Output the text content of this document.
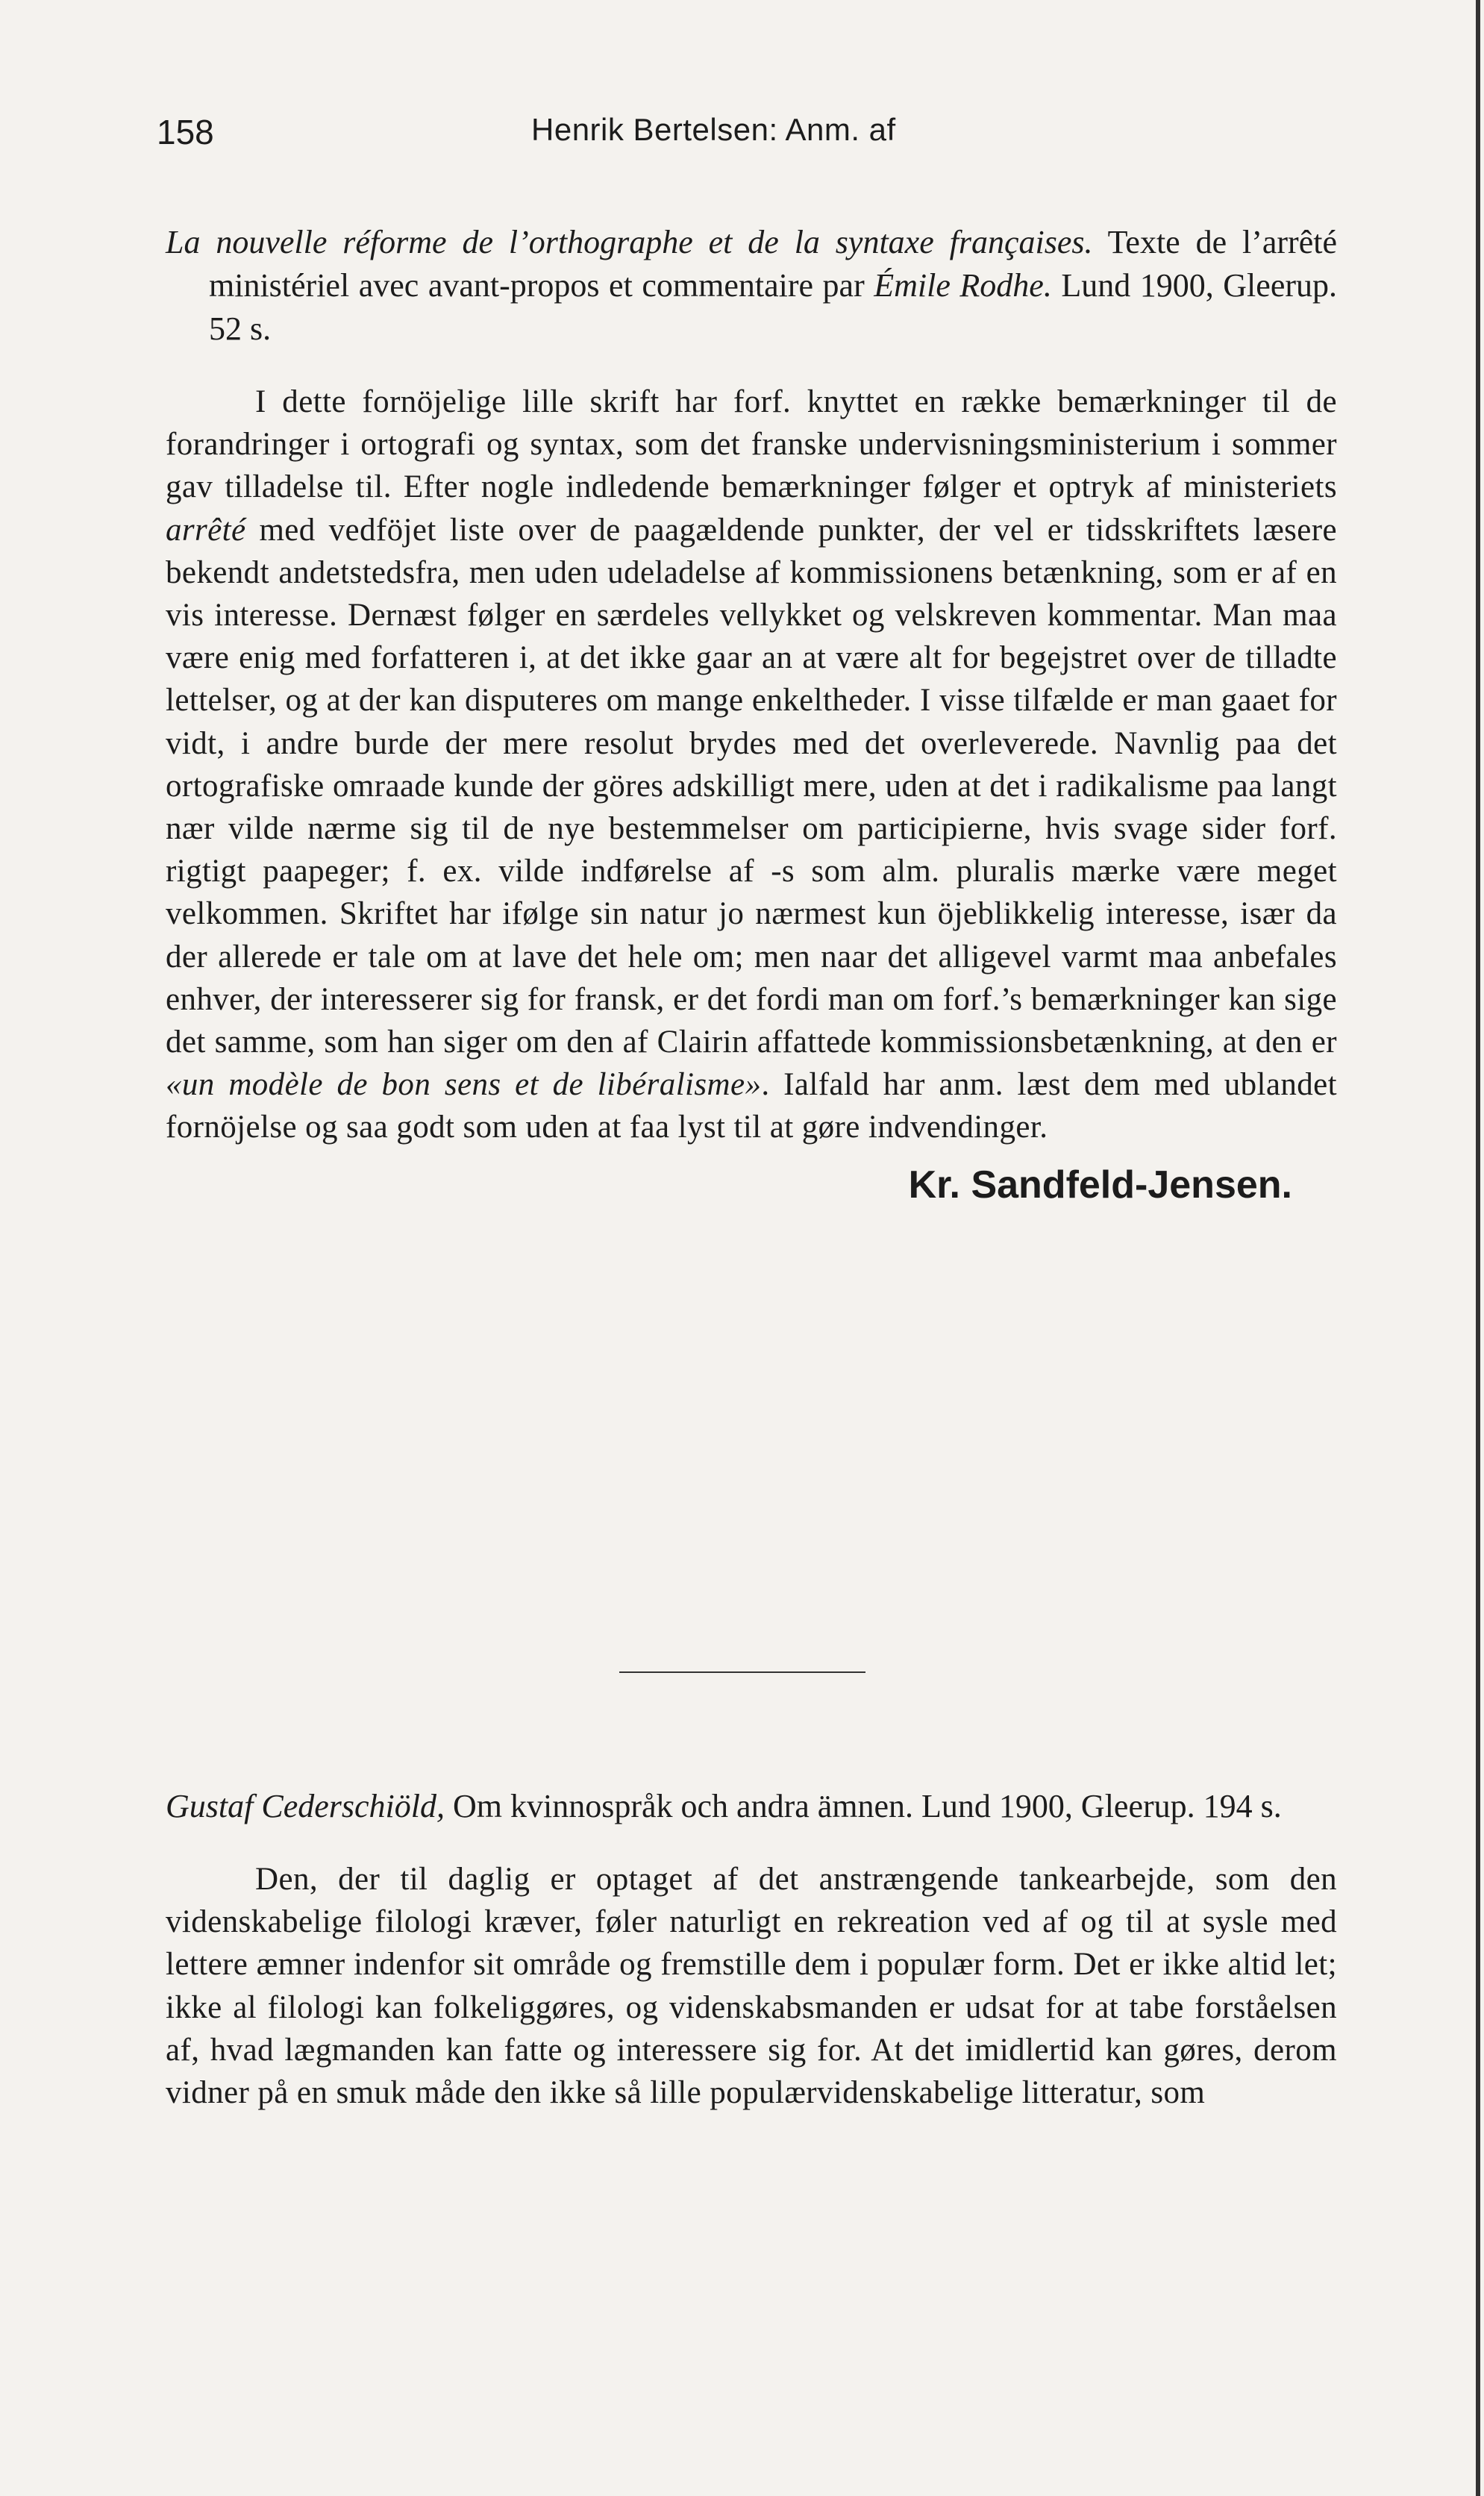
158	Henrik Bertelsen: Anm. af

La nouvelle réforme de l’orthographe et de la syntaxe françaises. Texte de l’arrêté ministériel avec avant-propos et commentaire par Émile Rodhe. Lund 1900, Gleerup. 52 s.

I dette fornöjelige lille skrift har forf. knyttet en række bemærkninger til de forandringer i ortografi og syntax, som det franske undervisningsministerium i sommer gav tilladelse til. Efter nogle indledende bemærkninger følger et optryk af ministeriets arrêté med vedföjet liste over de paagældende punkter, der vel er tidsskriftets læsere bekendt andetstedsfra, men uden udeladelse af kommissionens betænkning, som er af en vis interesse. Dernæst følger en særdeles vellykket og velskreven kommentar. Man maa være enig med forfatteren i, at det ikke gaar an at være alt for begejstret over de tilladte lettelser, og at der kan disputeres om mange enkeltheder. I visse tilfælde er man gaaet for vidt, i andre burde der mere resolut brydes med det overleverede. Navnlig paa det ortografiske omraade kunde der göres adskilligt mere, uden at det i radikalisme paa langt nær vilde nærme sig til de nye bestemmelser om participierne, hvis svage sider forf. rigtigt paapeger; f. ex. vilde indførelse af -s som alm. pluralis mærke være meget velkommen. Skriftet har ifølge sin natur jo nærmest kun öjeblikkelig interesse, især da der allerede er tale om at lave det hele om; men naar det alligevel varmt maa anbefales enhver, der interesserer sig for fransk, er det fordi man om forf.’s bemærkninger kan sige det samme, som han siger om den af Clairin affattede kommissionsbetænkning, at den er «un modèle de bon sens et de libéralisme». Ialfald har anm. læst dem med ublandet fornöjelse og saa godt som uden at faa lyst til at gøre indvendinger.

Kr. Sandfeld-Jensen.

Gustaf Cederschiöld, Om kvinnospråk och andra ämnen. Lund 1900, Gleerup. 194 s.

Den, der til daglig er optaget af det anstrængende tankearbejde, som den videnskabelige filologi kræver, føler naturligt en rekreation ved af og til at sysle med lettere æmner indenfor sit område og fremstille dem i populær form. Det er ikke altid let; ikke al filologi kan folkeliggøres, og videnskabsmanden er udsat for at tabe forståelsen af, hvad lægmanden kan fatte og interessere sig for. At det imidlertid kan gøres, derom vidner på en smuk måde den ikke så lille populærvidenskabelige litteratur, som
